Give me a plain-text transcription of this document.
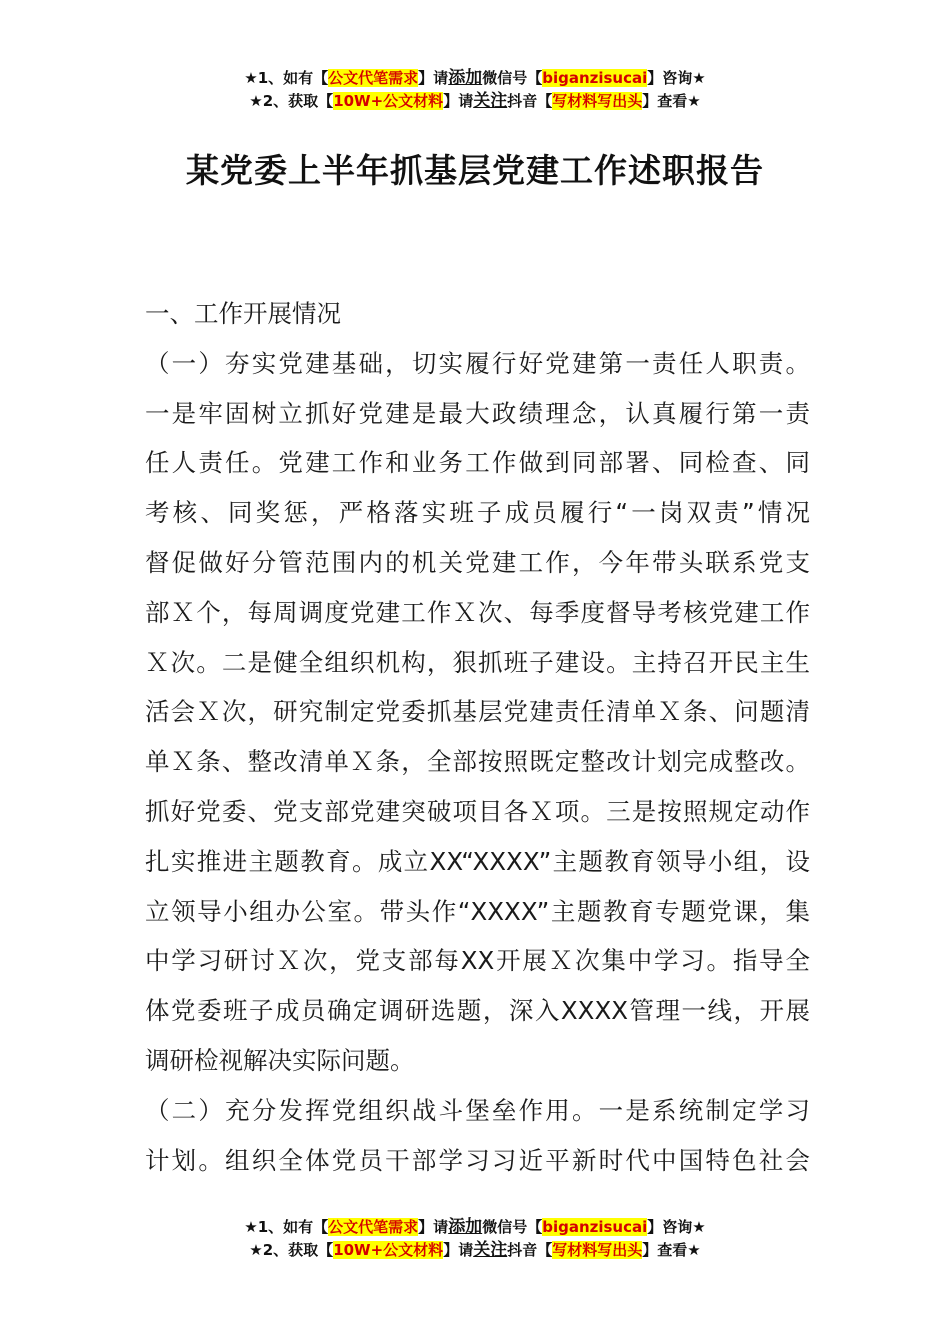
★1、如有【公文代笔需求】请添加微信号【biganzisucai】咨询★
★2、获取【10W+公文材料】请关注抖音【写材料写出头】查看★
某党委上半年抓基层党建工作述职报告
一、工作开展情况
（一）夯实党建基础，切实履行好党建第一责任人职责。
一是牢固树立抓好党建是最大政绩理念，认真履行第一责
任人责任。党建工作和业务工作做到同部署、同检查、同
考核、同奖惩，严格落实班子成员履行“一岗双责”情况
督促做好分管范围内的机关党建工作，今年带头联系党支
部Ｘ个，每周调度党建工作Ｘ次、每季度督导考核党建工作
Ｘ次。二是健全组织机构，狠抓班子建设。主持召开民主生
活会Ｘ次，研究制定党委抓基层党建责任清单Ｘ条、问题清
单Ｘ条、整改清单Ｘ条，全部按照既定整改计划完成整改。
抓好党委、党支部党建突破项目各Ｘ项。三是按照规定动作
扎实推进主题教育。成立XX“XXXX”主题教育领导小组，设
立领导小组办公室。带头作“XXXX”主题教育专题党课，集
中学习研讨Ｘ次，党支部每XX开展Ｘ次集中学习。指导全
体党委班子成员确定调研选题，深入XXXX管理一线，开展
调研检视解决实际问题。
（二）充分发挥党组织战斗堡垒作用。一是系统制定学习
计划。组织全体党员干部学习习近平新时代中国特色社会
★1、如有【公文代笔需求】请添加微信号【biganzisucai】咨询★
★2、获取【10W+公文材料】请关注抖音【写材料写出头】查看★
